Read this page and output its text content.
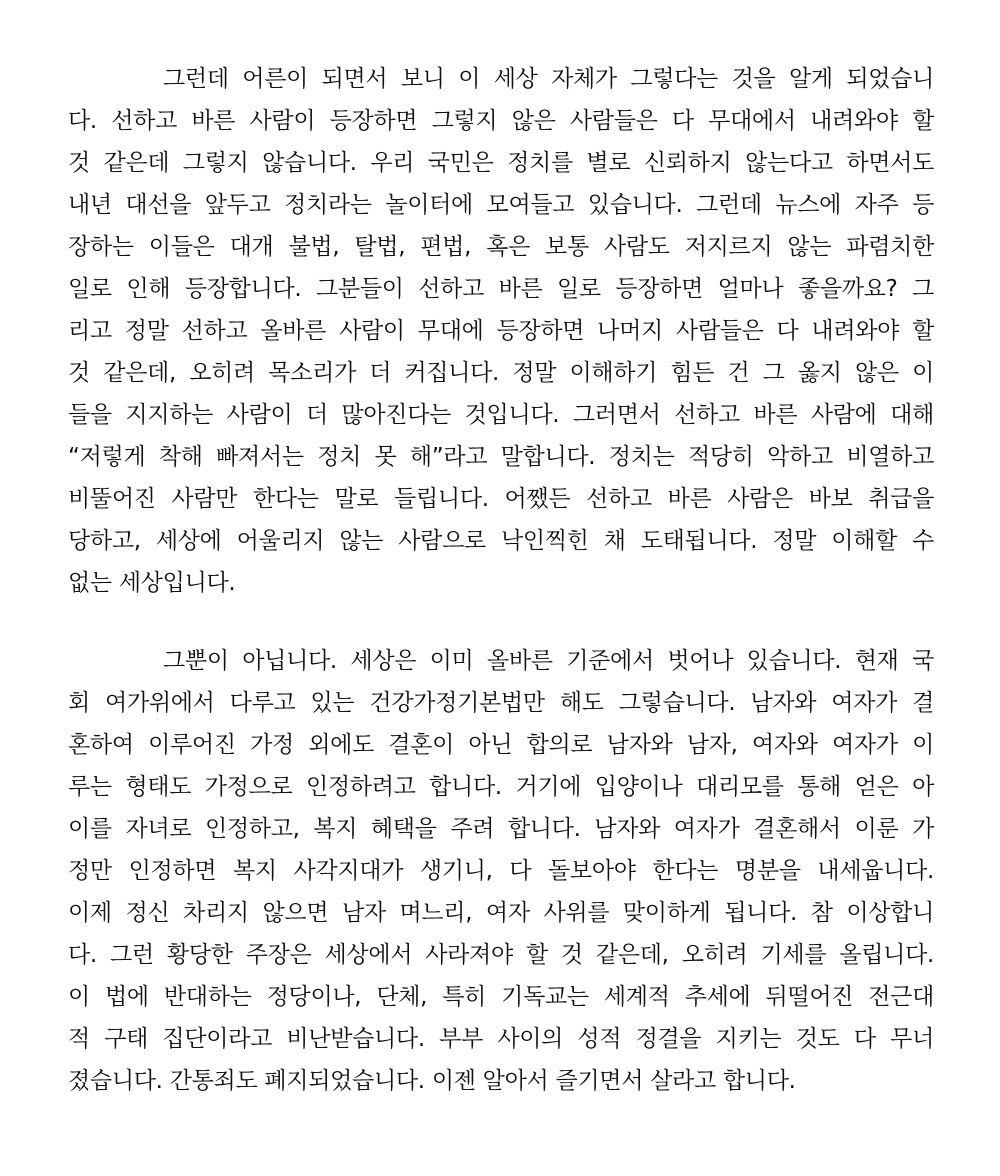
그런데 어른이 되면서 보니 이 세상 자체가 그렇다는 것을 알게 되었습니
다. 선하고 바른 사람이 등장하면 그렇지 않은 사람들은 다 무대에서 내려와야 할
것 같은데 그렇지 않습니다. 우리 국민은 정치를 별로 신뢰하지 않는다고 하면서도
내년 대선을 앞두고 정치라는 놀이터에 모여들고 있습니다. 그런데 뉴스에 자주 등
장하는 이들은 대개 불법, 탈법, 편법, 혹은 보통 사람도 저지르지 않는 파렴치한
일로 인해 등장합니다. 그분들이 선하고 바른 일로 등장하면 얼마나 좋을까요? 그
리고 정말 선하고 올바른 사람이 무대에 등장하면 나머지 사람들은 다 내려와야 할
것 같은데, 오히려 목소리가 더 커집니다. 정말 이해하기 힘든 건 그 옳지 않은 이
들을 지지하는 사람이 더 많아진다는 것입니다. 그러면서 선하고 바른 사람에 대해
“저렇게 착해 빠져서는 정치 못 해”라고 말합니다. 정치는 적당히 악하고 비열하고
비뚤어진 사람만 한다는 말로 들립니다. 어쨌든 선하고 바른 사람은 바보 취급을
당하고, 세상에 어울리지 않는 사람으로 낙인찍힌 채 도태됩니다. 정말 이해할 수
없는 세상입니다.
그뿐이 아닙니다. 세상은 이미 올바른 기준에서 벗어나 있습니다. 현재 국
회 여가위에서 다루고 있는 건강가정기본법만 해도 그렇습니다. 남자와 여자가 결
혼하여 이루어진 가정 외에도 결혼이 아닌 합의로 남자와 남자, 여자와 여자가 이
루는 형태도 가정으로 인정하려고 합니다. 거기에 입양이나 대리모를 통해 얻은 아
이를 자녀로 인정하고, 복지 혜택을 주려 합니다. 남자와 여자가 결혼해서 이룬 가
정만 인정하면 복지 사각지대가 생기니, 다 돌보아야 한다는 명분을 내세웁니다.
이제 정신 차리지 않으면 남자 며느리, 여자 사위를 맞이하게 됩니다. 참 이상합니
다. 그런 황당한 주장은 세상에서 사라져야 할 것 같은데, 오히려 기세를 올립니다.
이 법에 반대하는 정당이나, 단체, 특히 기독교는 세계적 추세에 뒤떨어진 전근대
적 구태 집단이라고 비난받습니다. 부부 사이의 성적 정결을 지키는 것도 다 무너
졌습니다. 간통죄도 폐지되었습니다. 이젠 알아서 즐기면서 살라고 합니다.
